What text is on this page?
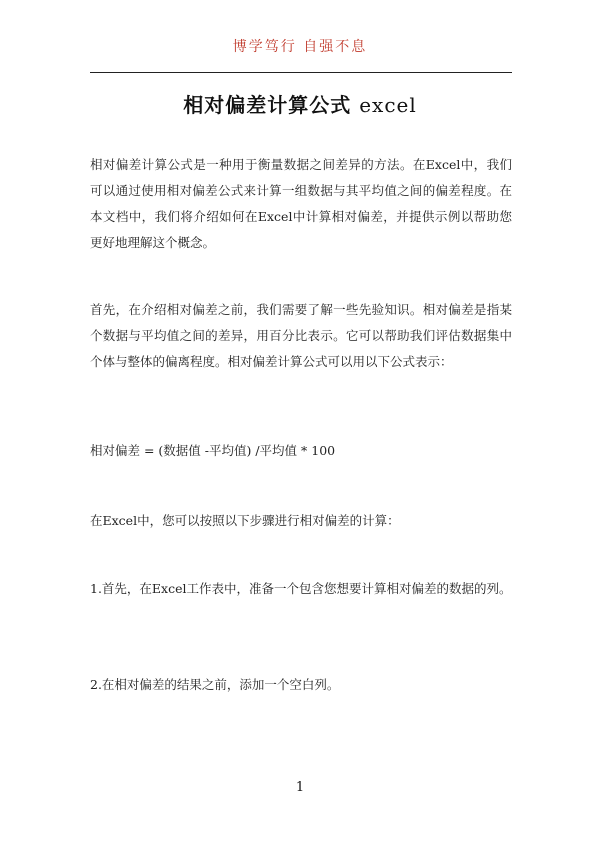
博学笃行 自强不息
相对偏差计算公式 excel

相对偏差计算公式是一种用于衡量数据之间差异的方法。在Excel中，我们可以通过使用相对偏差公式来计算一组数据与其平均值之间的偏差程度。在本文档中，我们将介绍如何在Excel中计算相对偏差，并提供示例以帮助您更好地理解这个概念。

首先，在介绍相对偏差之前，我们需要了解一些先验知识。相对偏差是指某个数据与平均值之间的差异，用百分比表示。它可以帮助我们评估数据集中个体与整体的偏离程度。相对偏差计算公式可以用以下公式表示：

相对偏差 = (数据值 -平均值) /平均值 * 100

在Excel中，您可以按照以下步骤进行相对偏差的计算：

1.首先，在Excel工作表中，准备一个包含您想要计算相对偏差的数据的列。

2.在相对偏差的结果之前，添加一个空白列。

1
